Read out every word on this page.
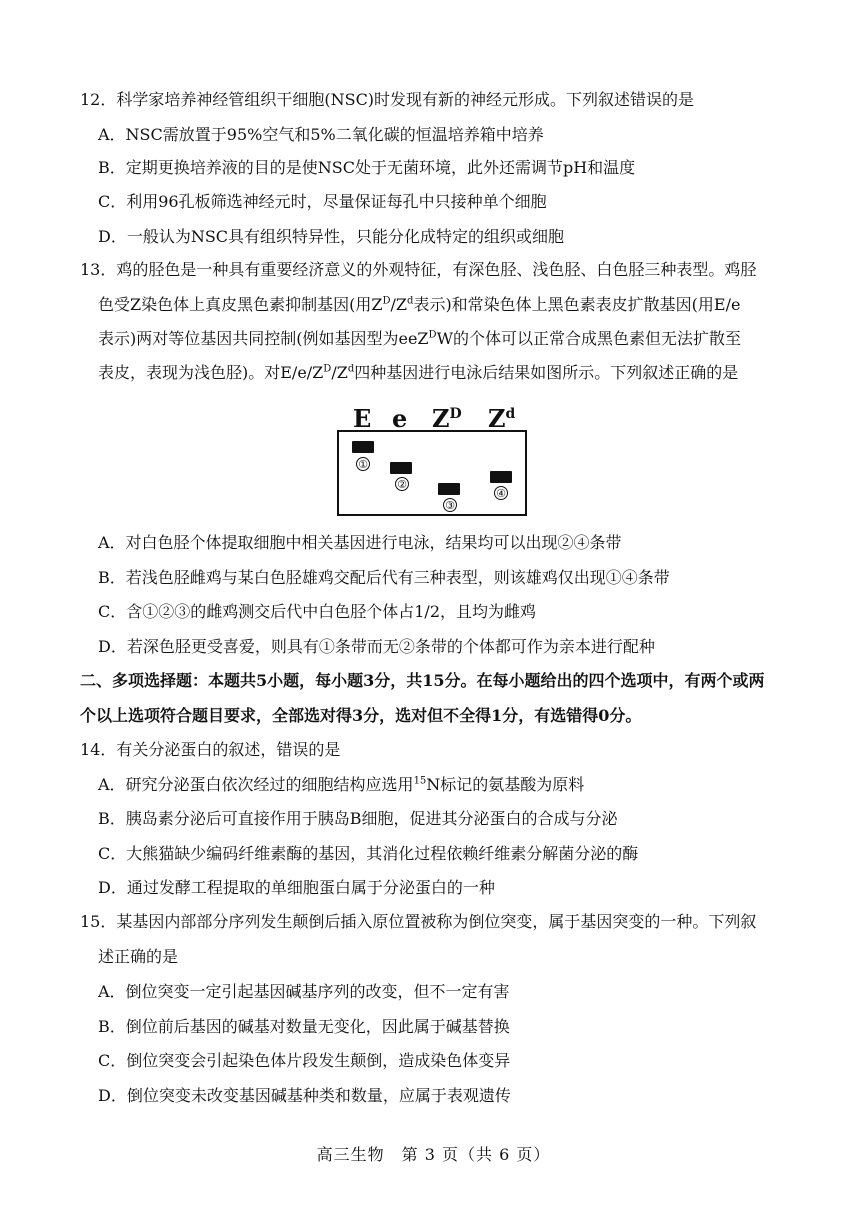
12．科学家培养神经管组织干细胞(NSC)时发现有新的神经元形成。下列叙述错误的是
A．NSC需放置于95%空气和5%二氧化碳的恒温培养箱中培养
B．定期更换培养液的目的是使NSC处于无菌环境，此外还需调节pH和温度
C．利用96孔板筛选神经元时，尽量保证每孔中只接种单个细胞
D．一般认为NSC具有组织特异性，只能分化成特定的组织或细胞
13．鸡的胫色是一种具有重要经济意义的外观特征，有深色胫、浅色胫、白色胫三种表型。鸡胫
色受Z染色体上真皮黑色素抑制基因(用$Z^D/Z^d$表示)和常染色体上黑色素表皮扩散基因(用E/e
表示)两对等位基因共同控制(例如基因型为eeZ$^D$W的个体可以正常合成黑色素但无法扩散至
表皮，表现为浅色胫)。对$E/e/Z^D/Z^d$四种基因进行电泳后结果如图所示。下列叙述正确的是
E e $Z^D$ $Z^d$
①
②
③
④
A．对白色胫个体提取细胞中相关基因进行电泳，结果均可以出现②④条带
B．若浅色胫雌鸡与某白色胫雄鸡交配后代有三种表型，则该雄鸡仅出现①④条带
C．含①②③的雌鸡测交后代中白色胫个体占1/2，且均为雌鸡
D．若深色胫更受喜爱，则具有①条带而无②条带的个体都可作为亲本进行配种
二、多项选择题：本题共5小题，每小题3分，共15分。在每小题给出的四个选项中，有两个或两
个以上选项符合题目要求，全部选对得3分，选对但不全得1分，有选错得0分。
14．有关分泌蛋白的叙述，错误的是
A．研究分泌蛋白依次经过的细胞结构应选用$^{15}$N标记的氨基酸为原料
B．胰岛素分泌后可直接作用于胰岛B细胞，促进其分泌蛋白的合成与分泌
C．大熊猫缺少编码纤维素酶的基因，其消化过程依赖纤维素分解菌分泌的酶
D．通过发酵工程提取的单细胞蛋白属于分泌蛋白的一种
15．某基因内部部分序列发生颠倒后插入原位置被称为倒位突变，属于基因突变的一种。下列叙
述正确的是
A．倒位突变一定引起基因碱基序列的改变，但不一定有害
B．倒位前后基因的碱基对数量无变化，因此属于碱基替换
C．倒位突变会引起染色体片段发生颠倒，造成染色体变异
D．倒位突变未改变基因碱基种类和数量，应属于表观遗传
高三生物　第 3 页（共 6 页）
